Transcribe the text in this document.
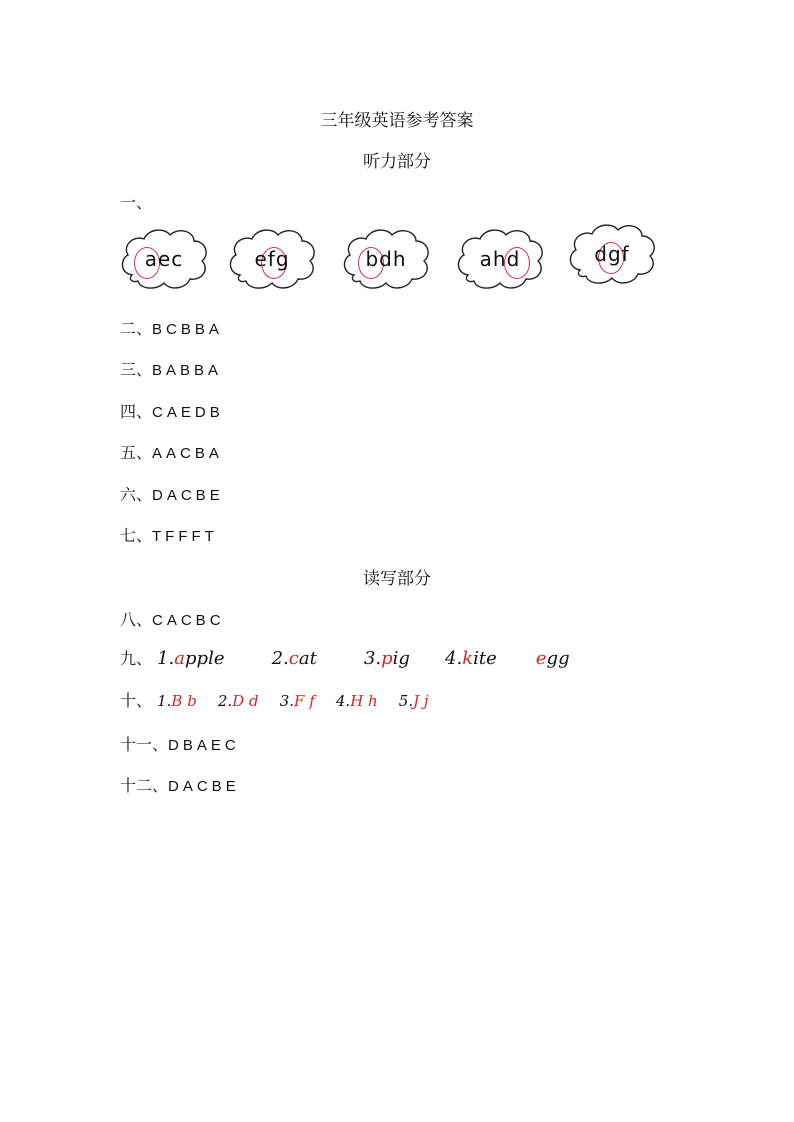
三年级英语参考答案
听力部分
一、
aec	efg	bdh	ahd	dgf
二、BCBBA
三、BABBA
四、CAEDB
五、AACBA
六、DACBE
七、TFFFT
读写部分
八、CACBC
九、 1.apple	2.cat	3.pig 4.kite egg
十、 1.B b 2.D d 3.F f 4.H h 5.J j
十一、DBAEC
十二、DACBE
